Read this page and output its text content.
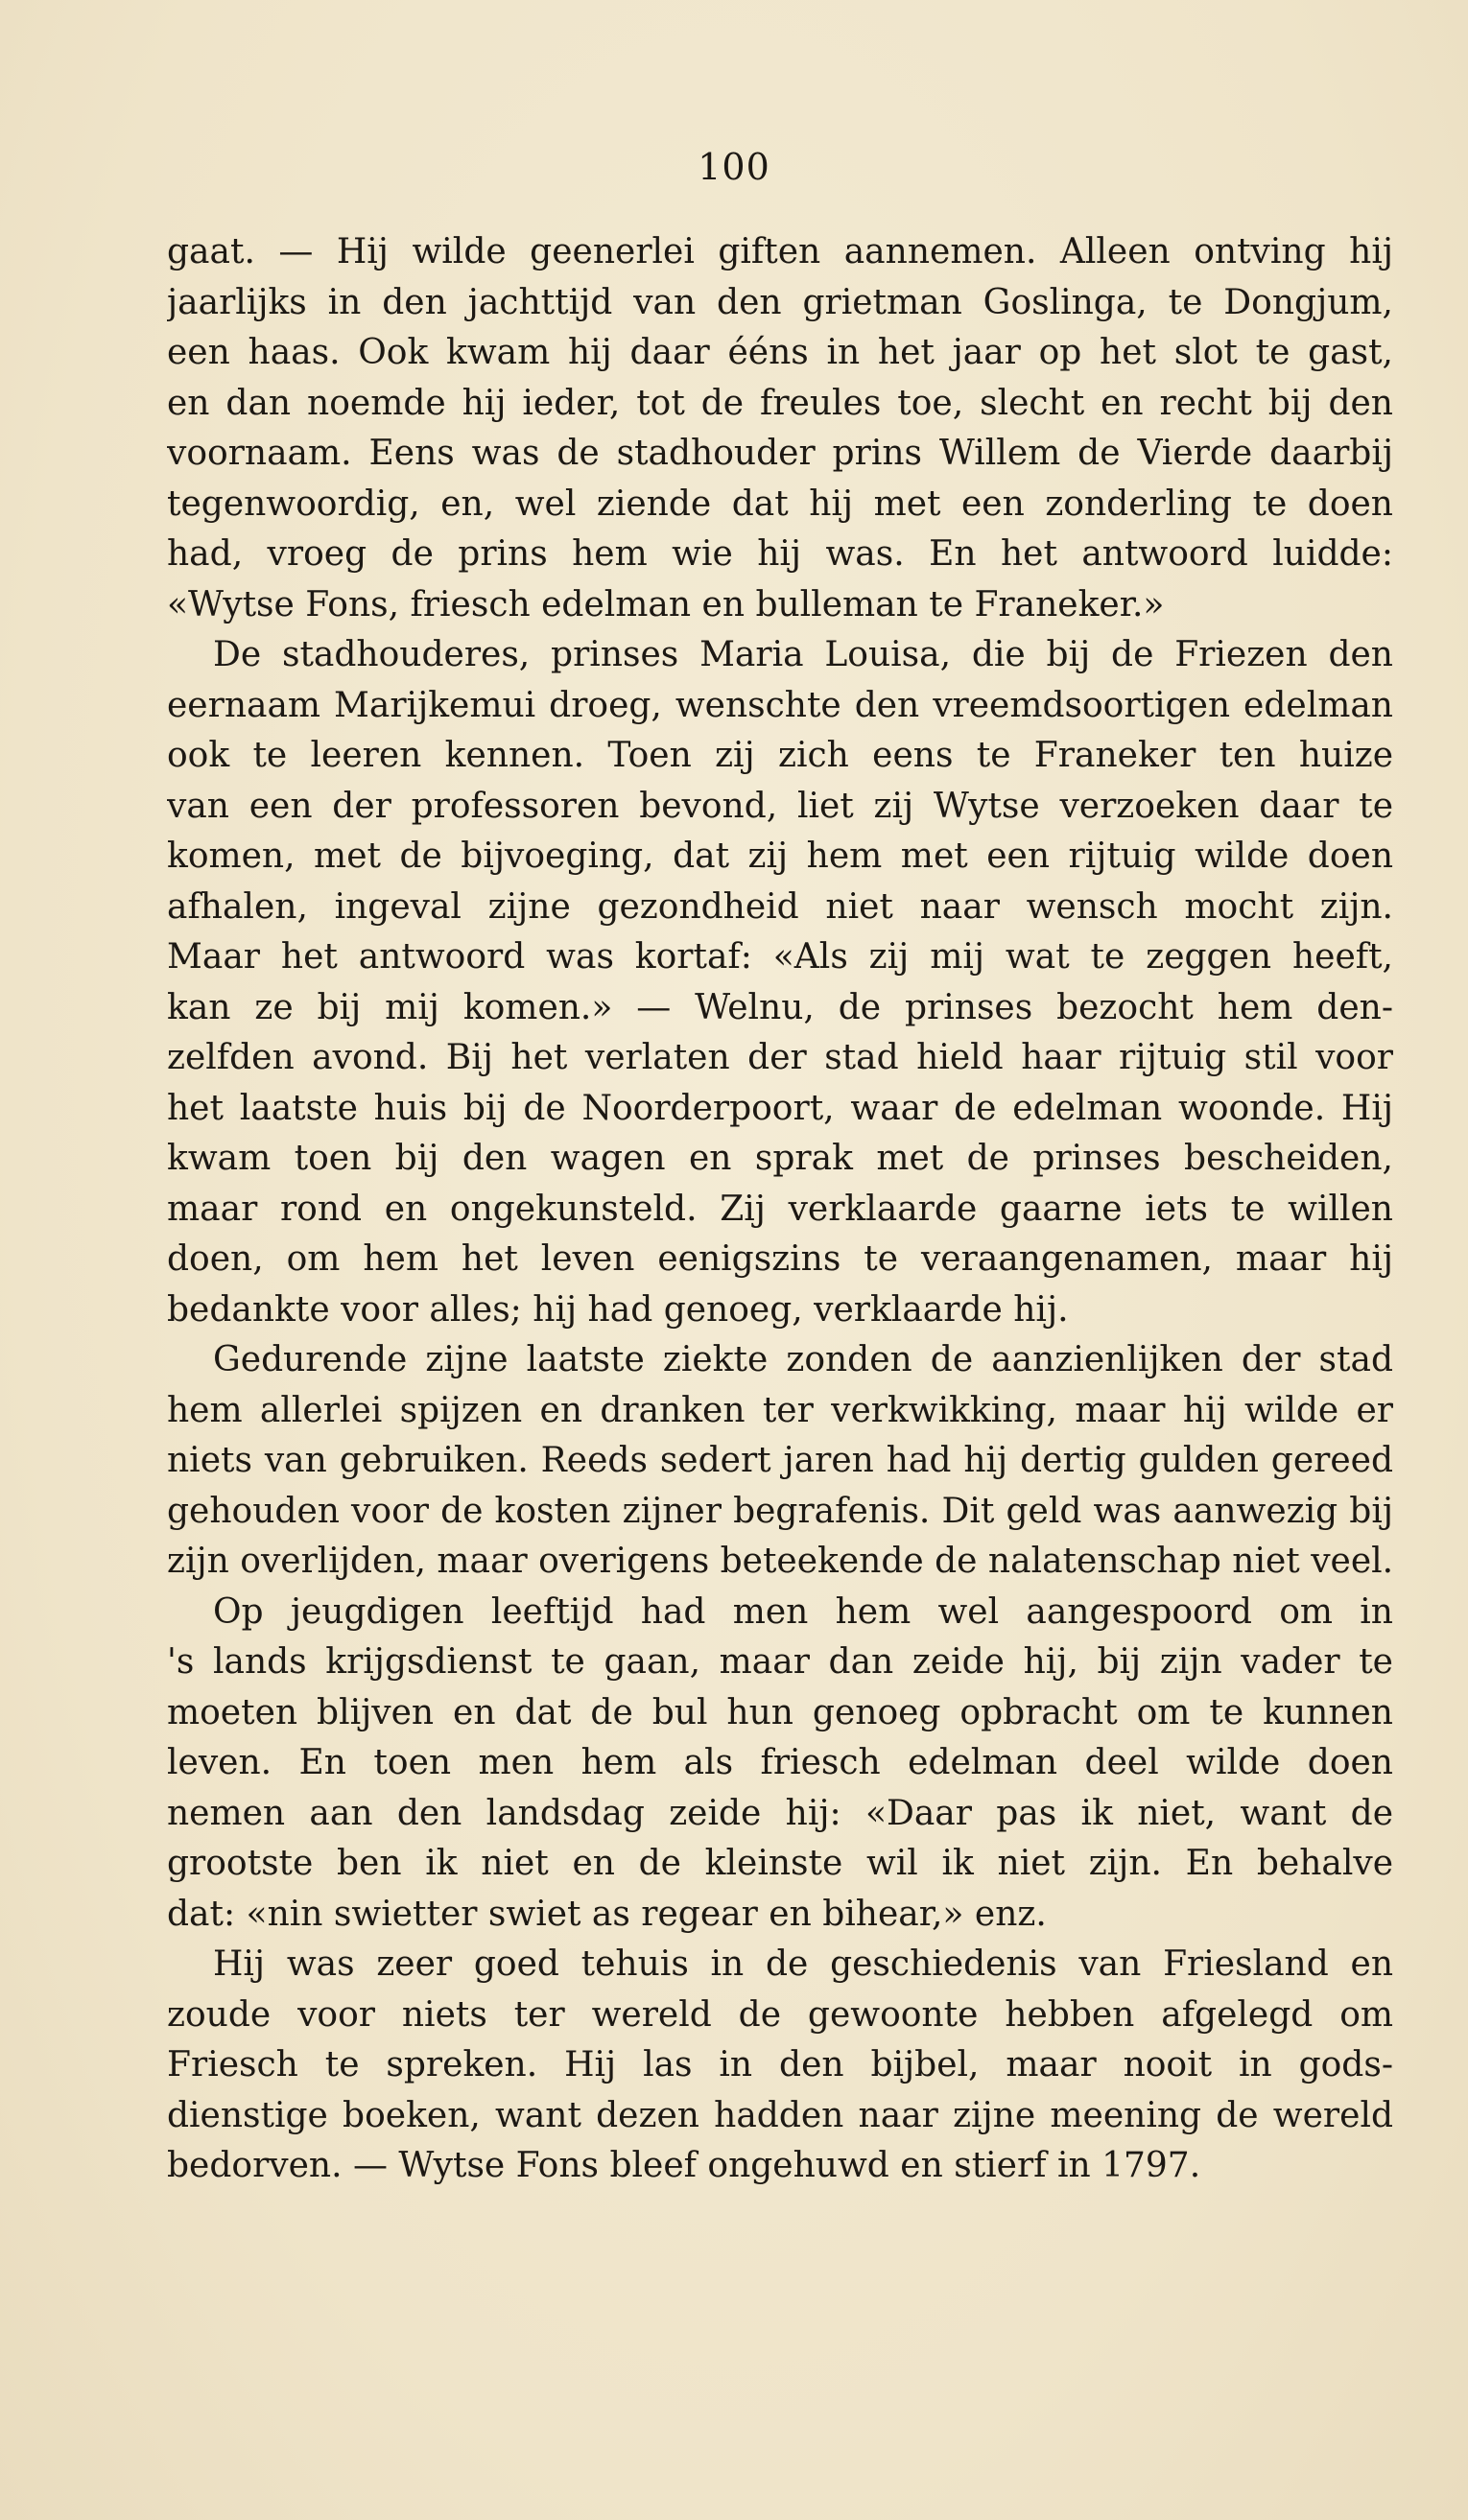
100
gaat. — Hij wilde geenerlei giften aannemen. Alleen ontving hij
jaarlijks in den jachttijd van den grietman Goslinga, te Dongjum,
een haas. Ook kwam hij daar ééns in het jaar op het slot te gast,
en dan noemde hij ieder, tot de freules toe, slecht en recht bij den
voornaam. Eens was de stadhouder prins Willem de Vierde daarbij
tegenwoordig, en, wel ziende dat hij met een zonderling te doen
had, vroeg de prins hem wie hij was. En het antwoord luidde:
«Wytse Fons, friesch edelman en bulleman te Franeker.»
De stadhouderes, prinses Maria Louisa, die bij de Friezen den
eernaam Marijkemui droeg, wenschte den vreemdsoortigen edelman
ook te leeren kennen. Toen zij zich eens te Franeker ten huize
van een der professoren bevond, liet zij Wytse verzoeken daar te
komen, met de bijvoeging, dat zij hem met een rijtuig wilde doen
afhalen, ingeval zijne gezondheid niet naar wensch mocht zijn.
Maar het antwoord was kortaf: «Als zij mij wat te zeggen heeft,
kan ze bij mij komen.» — Welnu, de prinses bezocht hem den-
zelfden avond. Bij het verlaten der stad hield haar rijtuig stil voor
het laatste huis bij de Noorderpoort, waar de edelman woonde. Hij
kwam toen bij den wagen en sprak met de prinses bescheiden,
maar rond en ongekunsteld. Zij verklaarde gaarne iets te willen
doen, om hem het leven eenigszins te veraangenamen, maar hij
bedankte voor alles; hij had genoeg, verklaarde hij.
Gedurende zijne laatste ziekte zonden de aanzienlijken der stad
hem allerlei spijzen en dranken ter verkwikking, maar hij wilde er
niets van gebruiken. Reeds sedert jaren had hij dertig gulden gereed
gehouden voor de kosten zijner begrafenis. Dit geld was aanwezig bij
zijn overlijden, maar overigens beteekende de nalatenschap niet veel.
Op jeugdigen leeftijd had men hem wel aangespoord om in
's lands krijgsdienst te gaan, maar dan zeide hij, bij zijn vader te
moeten blijven en dat de bul hun genoeg opbracht om te kunnen
leven. En toen men hem als friesch edelman deel wilde doen
nemen aan den landsdag zeide hij: «Daar pas ik niet, want de
grootste ben ik niet en de kleinste wil ik niet zijn. En behalve
dat: «nin swietter swiet as regear en bihear,» enz.
Hij was zeer goed tehuis in de geschiedenis van Friesland en
zoude voor niets ter wereld de gewoonte hebben afgelegd om
Friesch te spreken. Hij las in den bijbel, maar nooit in gods-
dienstige boeken, want dezen hadden naar zijne meening de wereld
bedorven. — Wytse Fons bleef ongehuwd en stierf in 1797.
